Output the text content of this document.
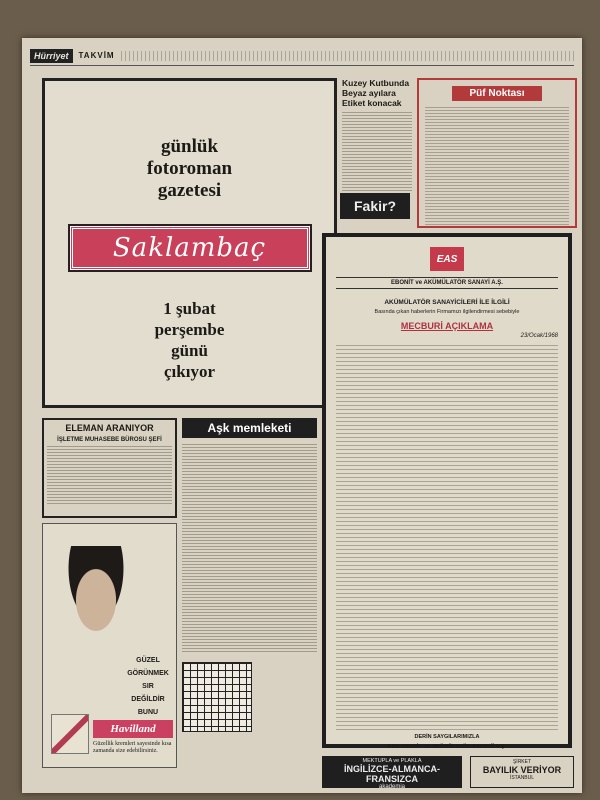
Hürriyet	TAKVİM
günlük
fotoroman
gazetesi
Saklambaç
1 şubat
perşembe
günü
çıkıyor
Kuzey Kutbunda Beyaz ayılara Etiket konacak
Fakir?
Püf Noktası
EAS
EBONİT ve AKÜMÜLATÖR SANAYİ A.Ş.
AKÜMÜLATÖR SANAYİCİLERİ İLE İLGİLİ
Basında çıkan haberlerin Firmamızı ilgilendirmesi sebebiyle
MECBURİ AÇIKLAMA
23/Ocak/1968
DERİN SAYGILARIMIZLA
EAS EBONİT VE AKÜMÜLATÖR SANAYİİ A.Ş.
ELEMAN ARANIYOR
İŞLETME MUHASEBE BÜROSU ŞEFİ
Aşk memleketi
GÜZEL
GÖRÜNMEK
SIR
DEĞİLDİR
BUNU
Havilland
Güzellik kremleri sayesinde kısa zamanda size edebilirsiniz.
MEKTUPLA ve PLAKLA
İNGİLİZCE-ALMANCA-FRANSIZCA
akademia
ŞİRKET
BAYILIK VERİYOR
İSTANBUL
